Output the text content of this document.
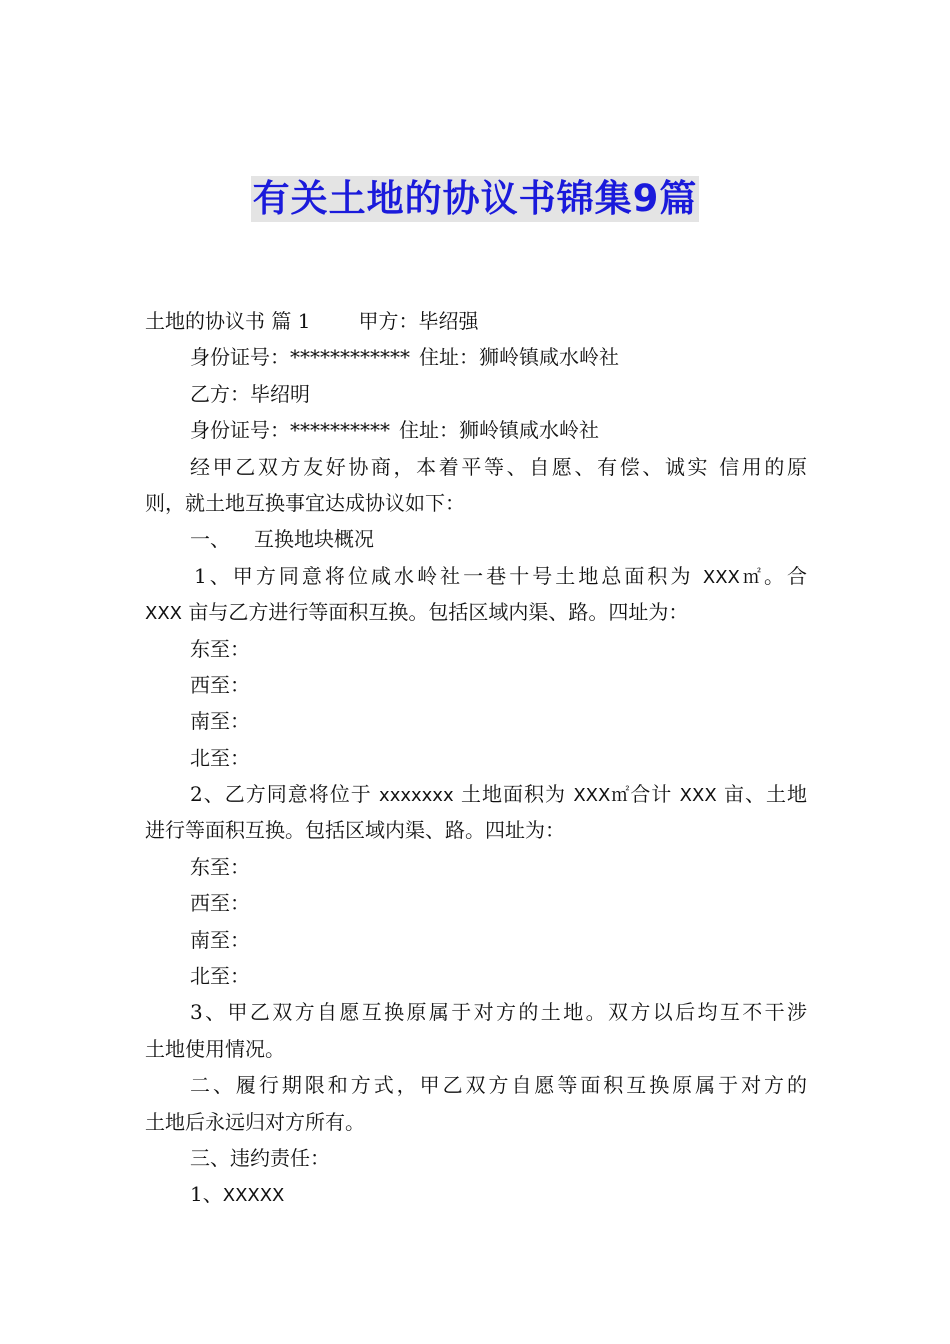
有关土地的协议书锦集9篇
土地的协议书 篇 1 甲方：毕绍强
身份证号：************ 住址：狮岭镇咸水岭社
乙方：毕绍明
身份证号：********** 住址：狮岭镇咸水岭社
经甲乙双方友好协商，本着平等、自愿、有偿、诚实 信用的原
则，就土地互换事宜达成协议如下：
一、 互换地块概况
1、甲方同意将位咸水岭社一巷十号土地总面积为 XXX㎡。合
XXX 亩与乙方进行等面积互换。包括区域内渠、路。四址为：
东至：
西至：
南至：
北至：
2、乙方同意将位于 xxxxxxx 土地面积为 XXX㎡合计 XXX 亩、土地
进行等面积互换。包括区域内渠、路。四址为：
东至：
西至：
南至：
北至：
3、甲乙双方自愿互换原属于对方的土地。双方以后均互不干涉
土地使用情况。
二、履行期限和方式，甲乙双方自愿等面积互换原属于对方的
土地后永远归对方所有。
三、违约责任：
1、XXXXX
